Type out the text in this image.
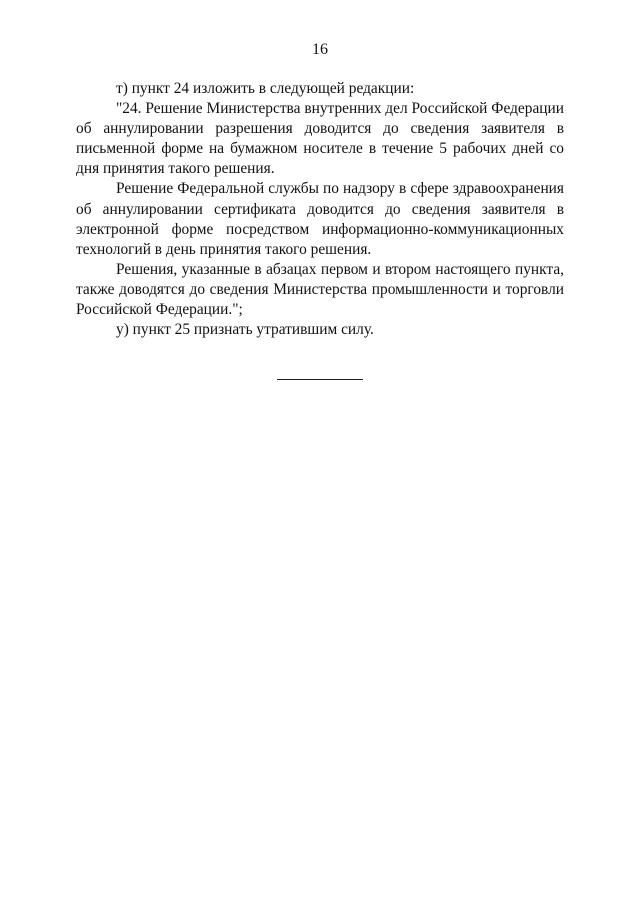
16

т) пункт 24 изложить в следующей редакции:

"24. Решение Министерства внутренних дел Российской Федерации об аннулировании разрешения доводится до сведения заявителя в письменной форме на бумажном носителе в течение 5 рабочих дней со дня принятия такого решения.

Решение Федеральной службы по надзору в сфере здравоохранения об аннулировании сертификата доводится до сведения заявителя в электронной форме посредством информационно-коммуникационных технологий в день принятия такого решения.

Решения, указанные в абзацах первом и втором настоящего пункта, также доводятся до сведения Министерства промышленности и торговли Российской Федерации.";

у) пункт 25 признать утратившим силу.
